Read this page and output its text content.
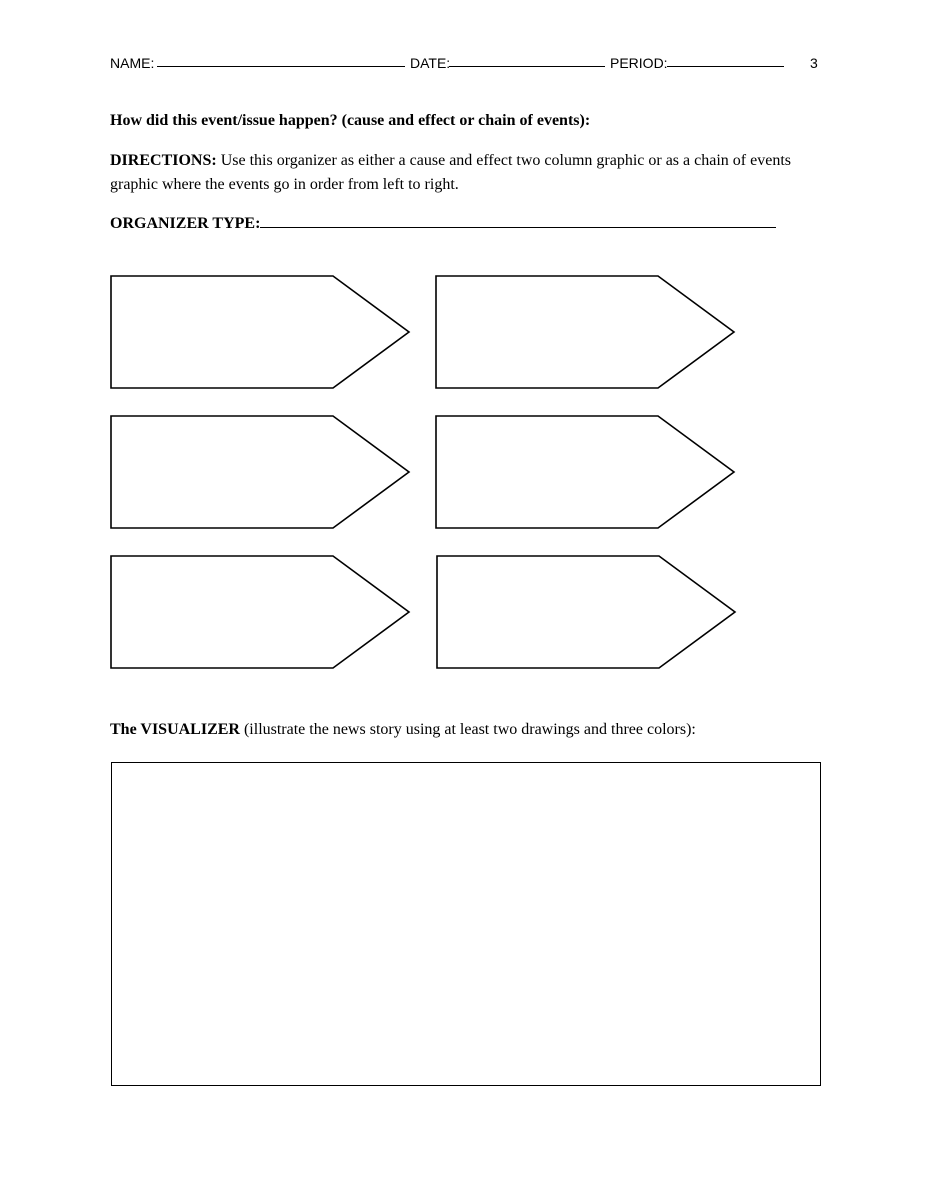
NAME:	DATE:	PERIOD:	3
How did this event/issue happen? (cause and effect or chain of events):
DIRECTIONS: Use this organizer as either a cause and effect two column graphic or as a chain of events graphic where the events go in order from left to right.
ORGANIZER TYPE:
The VISUALIZER (illustrate the news story using at least two drawings and three colors):
